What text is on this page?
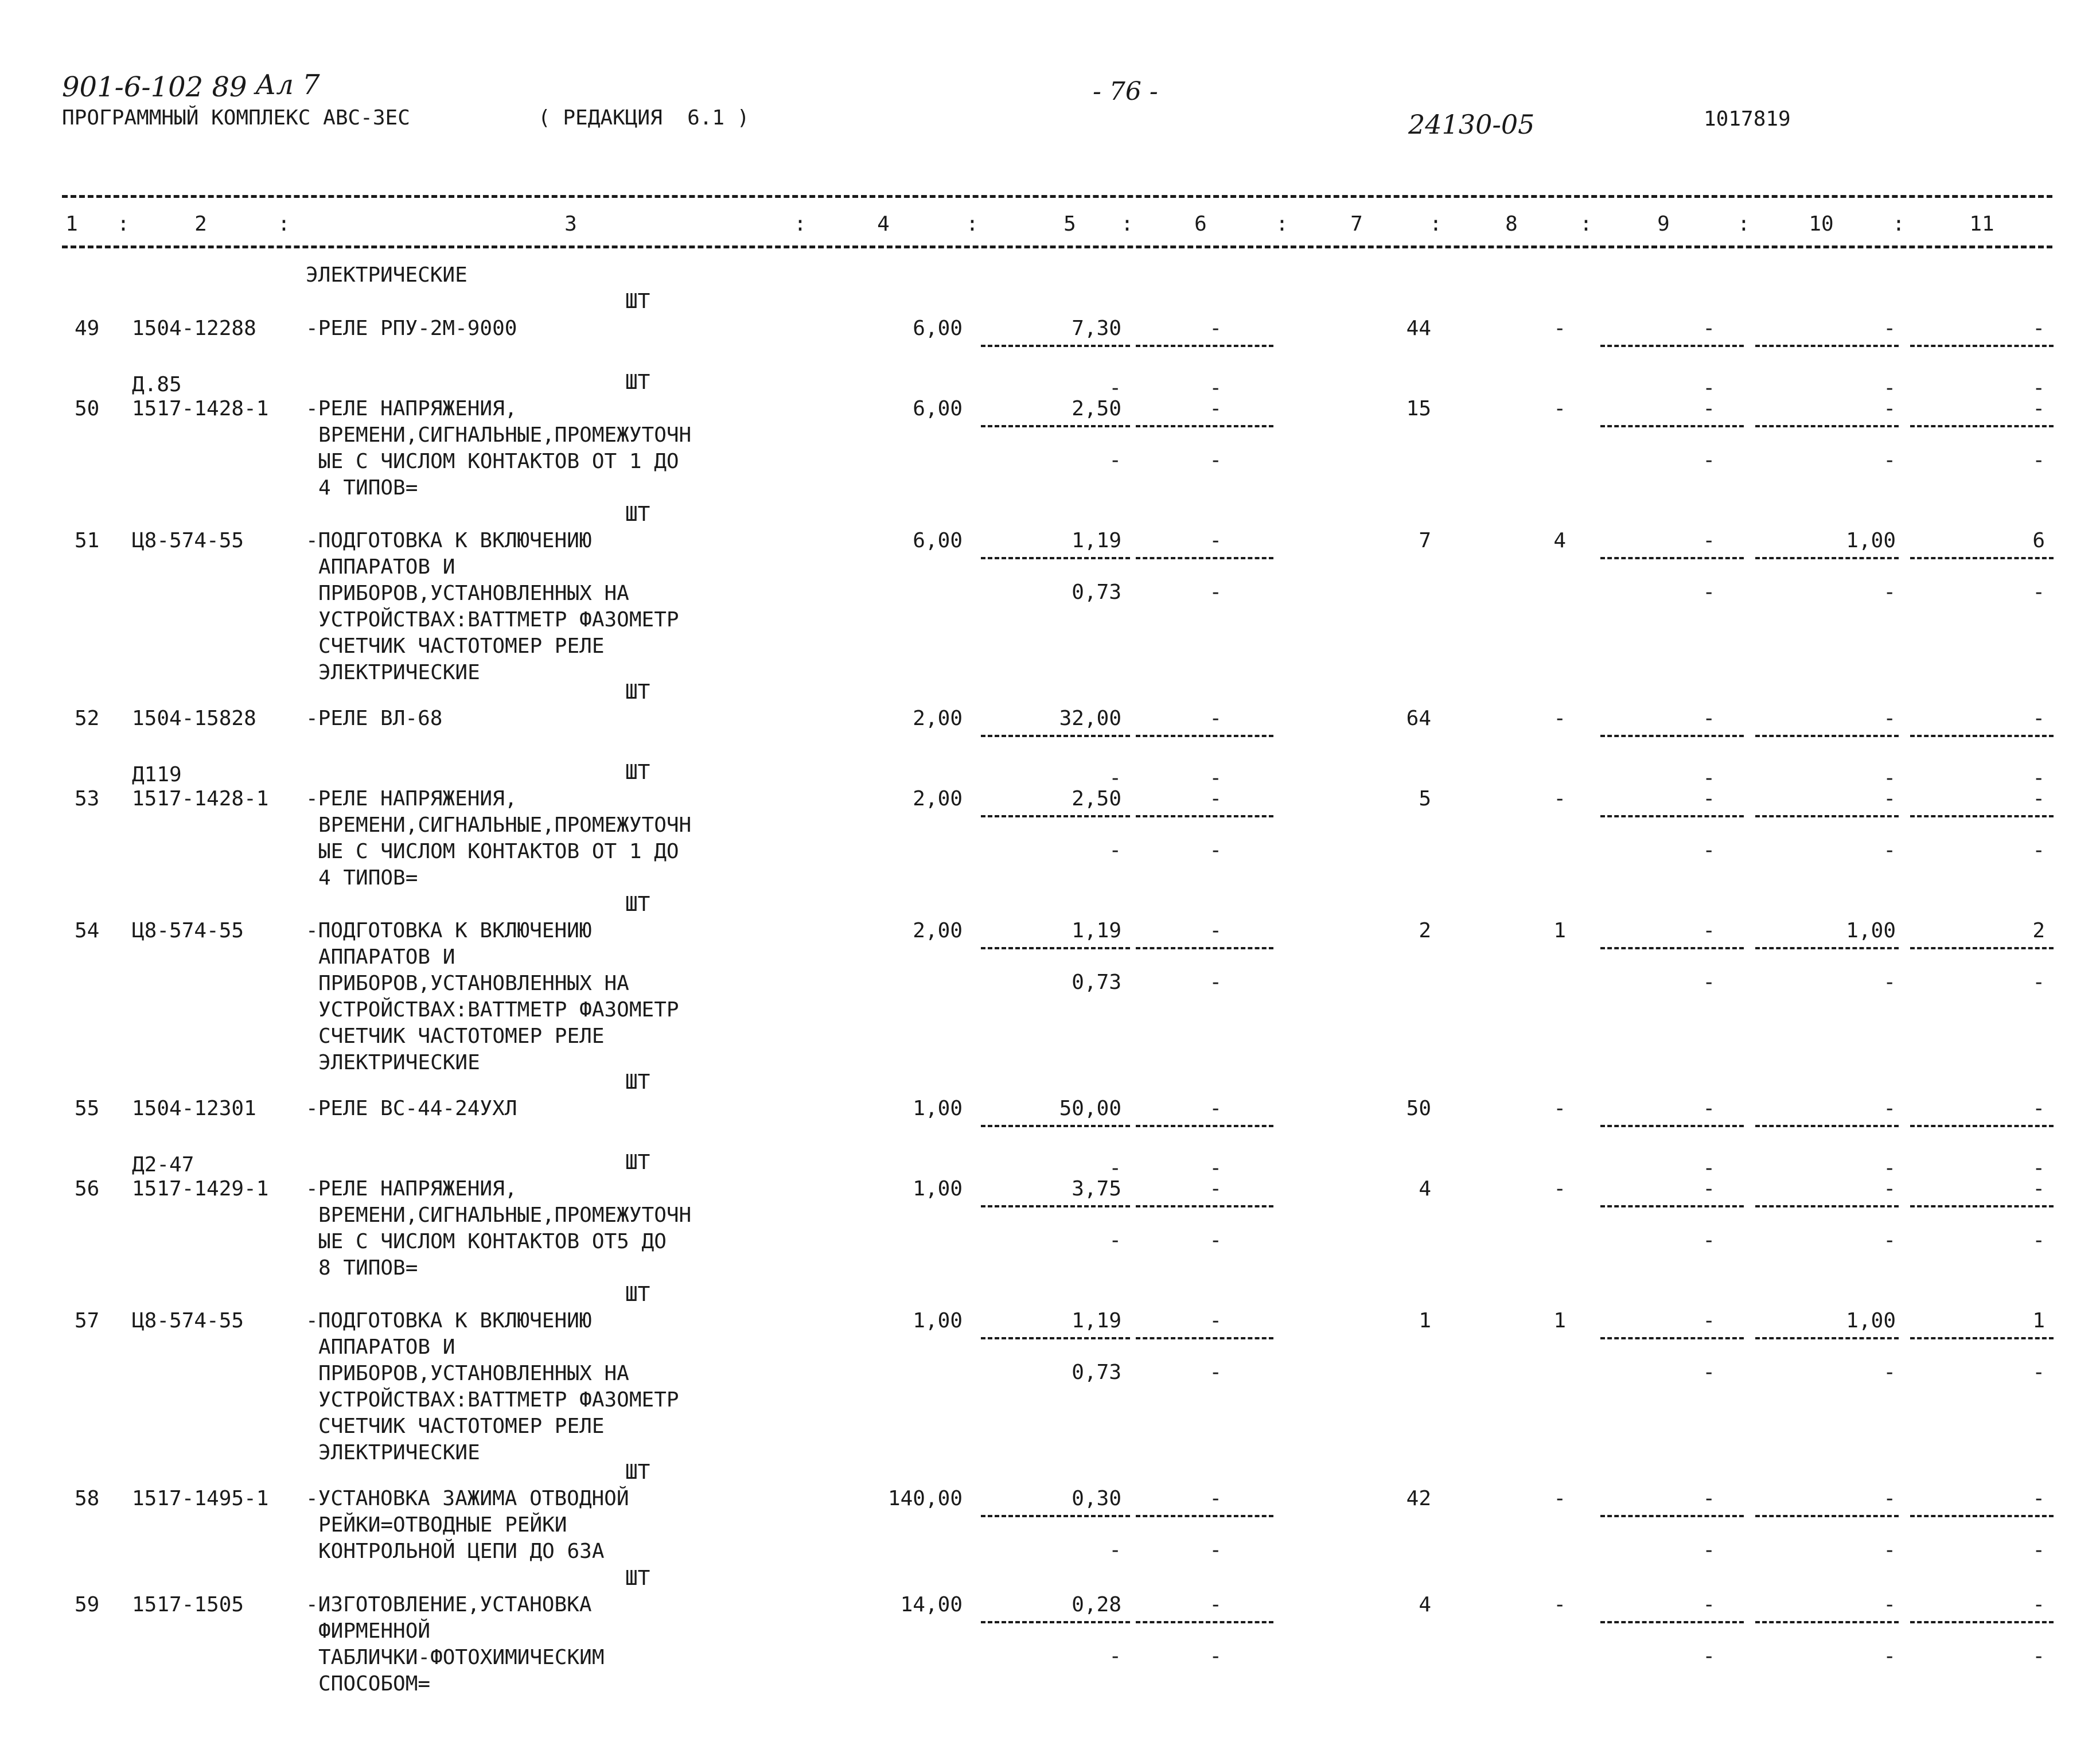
901-6-102 89 Ал 7
ПРОГРАММНЫЙ КОМПЛЕКС АВС-ЗЕС	( РЕДАКЦИЯ  6.1 )
- 76 -
24130-05	1017819
1	:	2	:	3	:	4	:	5	:	6	:	7	:	8	:	9	:	10	:	11
ЭЛЕКТРИЧЕСКИЕ
ШТ
49 1504-12288 -РЕЛЕ РПУ-2М-9000
ШТ
6,00	7,30	-	44	-	-	-	-
Д.85
50 1517-1428-1 -РЕЛЕ НАПРЯЖЕНИЯ,
ВРЕМЕНИ,СИГНАЛЬНЫЕ,ПРОМЕЖУТОЧН
ЫЕ С ЧИСЛОМ КОНТАКТОВ ОТ 1 ДО
4 ТИПОВ=
ШТ
6,00	2,50	-	15	-	-	-	-
-	-	-	-	-
-	-	-	-	-
51 Ц8-574-55	-ПОДГОТОВКА К ВКЛЮЧЕНИЮ
АППАРАТОВ И
ПРИБОРОВ,УСТАНОВЛЕННЫХ НА
УСТРОЙСТВАХ:ВАТТМЕТР ФАЗОМЕТР
СЧЕТЧИК ЧАСТОТОМЕР РЕЛЕ
ЭЛЕКТРИЧЕСКИЕ
ШТ
6,00	1,19	-	7	4	-	1,00	6
0,73	-	-	-	-
52 1504-15828 -РЕЛЕ ВЛ-68
ШТ
2,00	32,00	-	64	-	-	-	-
Д119
53 1517-1428-1 -РЕЛЕ НАПРЯЖЕНИЯ,
ВРЕМЕНИ,СИГНАЛЬНЫЕ,ПРОМЕЖУТОЧН
ЫЕ С ЧИСЛОМ КОНТАКТОВ ОТ 1 ДО
4 ТИПОВ=
ШТ
2,00	2,50	-	5	-	-	-	-
-	-	-	-	-
-	-	-	-	-
54 Ц8-574-55	-ПОДГОТОВКА К ВКЛЮЧЕНИЮ
АППАРАТОВ И
ПРИБОРОВ,УСТАНОВЛЕННЫХ НА
УСТРОЙСТВАХ:ВАТТМЕТР ФАЗОМЕТР
СЧЕТЧИК ЧАСТОТОМЕР РЕЛЕ
ЭЛЕКТРИЧЕСКИЕ
ШТ
2,00	1,19	-	2	1	-	1,00	2
0,73	-	-	-	-
55 1504-12301 -РЕЛЕ ВС-44-24УХЛ
ШТ
1,00	50,00	-	50	-	-	-	-
Д2-47
56 1517-1429-1 -РЕЛЕ НАПРЯЖЕНИЯ,
ВРЕМЕНИ,СИГНАЛЬНЫЕ,ПРОМЕЖУТОЧН
ЫЕ С ЧИСЛОМ КОНТАКТОВ ОТ5 ДО
8 ТИПОВ=
ШТ
1,00	3,75	-	4	-	-	-	-
-	-	-	-	-
-	-	-	-	-
57 Ц8-574-55	-ПОДГОТОВКА К ВКЛЮЧЕНИЮ
АППАРАТОВ И
ПРИБОРОВ,УСТАНОВЛЕННЫХ НА
УСТРОЙСТВАХ:ВАТТМЕТР ФАЗОМЕТР
СЧЕТЧИК ЧАСТОТОМЕР РЕЛЕ
ЭЛЕКТРИЧЕСКИЕ
ШТ
1,00	1,19	-	1	1	-	1,00	1
0,73	-	-	-	-
58 1517-1495-1 -УСТАНОВКА ЗАЖИМА ОТВОДНОЙ
РЕЙКИ=ОТВОДНЫЕ РЕЙКИ
КОНТРОЛЬНОЙ ЦЕПИ ДО 63А
ШТ
140,00	0,30	-	42	-	-	-	-
-	-	-	-	-
59 1517-1505	-ИЗГОТОВЛЕНИЕ,УСТАНОВКА
ФИРМЕННОЙ
ТАБЛИЧКИ-ФОТОХИМИЧЕСКИМ
СПОСОБОМ=
14,00	0,28	-	4	-	-	-	-
-	-	-	-	-
